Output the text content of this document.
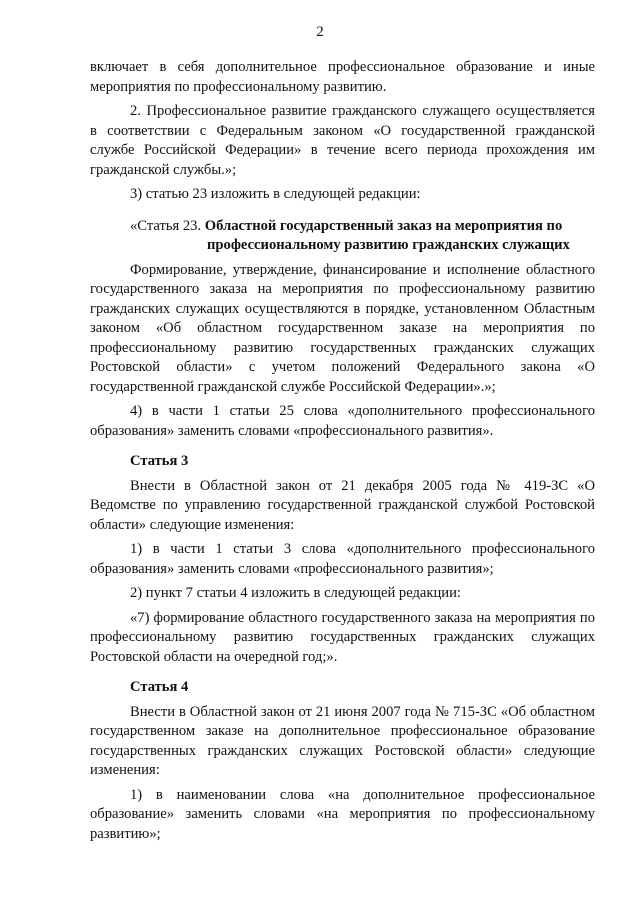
2

включает в себя дополнительное профессиональное образование и иные мероприятия по профессиональному развитию.

2. Профессиональное развитие гражданского служащего осуществляется в соответствии с Федеральным законом «О государственной гражданской службе Российской Федерации» в течение всего периода прохождения им гражданской службы.»;

3) статью 23 изложить в следующей редакции:

«Статья 23. Областной государственный заказ на мероприятия по
профессиональному развитию гражданских служащих

Формирование, утверждение, финансирование и исполнение областного государственного заказа на мероприятия по профессиональному развитию гражданских служащих осуществляются в порядке, установленном Областным законом «Об областном государственном заказе на мероприятия по профессиональному развитию государственных гражданских служащих Ростовской области» с учетом положений Федерального закона «О государственной гражданской службе Российской Федерации».»;

4) в части 1 статьи 25 слова «дополнительного профессионального образования» заменить словами «профессионального развития».

Статья 3

Внести в Областной закон от 21 декабря 2005 года № 419-ЗС «О Ведомстве по управлению государственной гражданской службой Ростовской области» следующие изменения:

1) в части 1 статьи 3 слова «дополнительного профессионального образования» заменить словами «профессионального развития»;

2) пункт 7 статьи 4 изложить в следующей редакции:

«7) формирование областного государственного заказа на мероприятия по профессиональному развитию государственных гражданских служащих Ростовской области на очередной год;».

Статья 4

Внести в Областной закон от 21 июня 2007 года № 715-ЗС «Об областном государственном заказе на дополнительное профессиональное образование государственных гражданских служащих Ростовской области» следующие изменения:

1) в наименовании слова «на дополнительное профессиональное образование» заменить словами «на мероприятия по профессиональному развитию»;
